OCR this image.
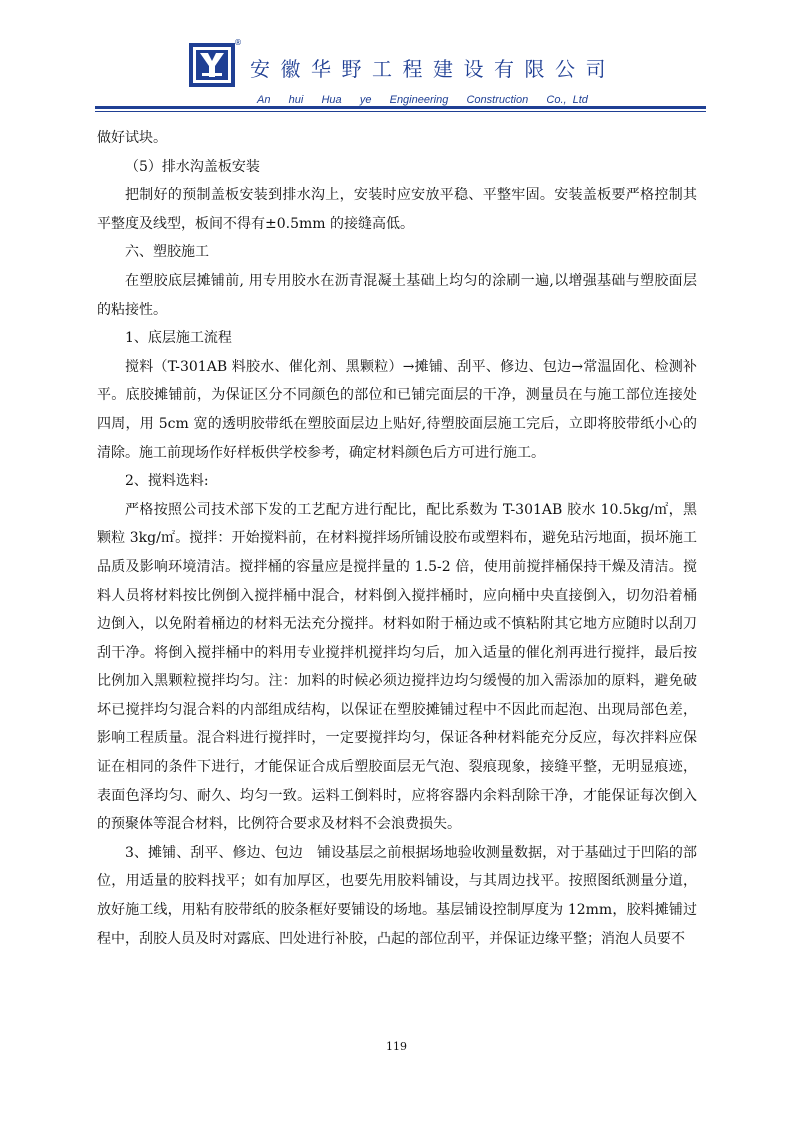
®
安徽华野工程建设有限公司
An   hui   Hua   ye   Engineering   Construction   Co., Ltd

做好试块。

（5）排水沟盖板安装

把制好的预制盖板安装到排水沟上，安装时应安放平稳、平整牢固。安装盖板要严格控制其平整度及线型，板间不得有±0.5mm 的接缝高低。

六、塑胶施工

在塑胶底层摊铺前, 用专用胶水在沥青混凝土基础上均匀的涂刷一遍,以增强基础与塑胶面层的粘接性。

1、底层施工流程

搅料（T-301AB 料胶水、催化剂、黑颗粒）→摊铺、刮平、修边、包边→常温固化、检测补平。底胶摊铺前，为保证区分不同颜色的部位和已铺完面层的干净，测量员在与施工部位连接处四周，用 5cm 宽的透明胶带纸在塑胶面层边上贴好,待塑胶面层施工完后，立即将胶带纸小心的清除。施工前现场作好样板供学校参考，确定材料颜色后方可进行施工。

2、搅料选料:

严格按照公司技术部下发的工艺配方进行配比，配比系数为 T-301AB 胶水 10.5kg/㎡，黑颗粒 3kg/㎡。搅拌：开始搅料前，在材料搅拌场所铺设胶布或塑料布，避免玷污地面，损坏施工品质及影响环境清洁。搅拌桶的容量应是搅拌量的 1.5-2 倍，使用前搅拌桶保持干燥及清洁。搅料人员将材料按比例倒入搅拌桶中混合，材料倒入搅拌桶时，应向桶中央直接倒入，切勿沿着桶边倒入，以免附着桶边的材料无法充分搅拌。材料如附于桶边或不慎粘附其它地方应随时以刮刀刮干净。将倒入搅拌桶中的料用专业搅拌机搅拌均匀后，加入适量的催化剂再进行搅拌，最后按比例加入黑颗粒搅拌均匀。注：加料的时候必须边搅拌边均匀缓慢的加入需添加的原料，避免破坏已搅拌均匀混合料的内部组成结构，以保证在塑胶摊铺过程中不因此而起泡、出现局部色差，影响工程质量。混合料进行搅拌时，一定要搅拌均匀，保证各种材料能充分反应，每次拌料应保证在相同的条件下进行，才能保证合成后塑胶面层无气泡、裂痕现象，接缝平整，无明显痕迹，表面色泽均匀、耐久、均匀一致。运料工倒料时，应将容器内余料刮除干净，才能保证每次倒入的预聚体等混合材料，比例符合要求及材料不会浪费损失。

3、摊铺、刮平、修边、包边　铺设基层之前根据场地验收测量数据，对于基础过于凹陷的部位，用适量的胶料找平；如有加厚区，也要先用胶料铺设，与其周边找平。按照图纸测量分道，放好施工线，用粘有胶带纸的胶条框好要铺设的场地。基层铺设控制厚度为 12mm，胶料摊铺过程中，刮胶人员及时对露底、凹处进行补胶，凸起的部位刮平，并保证边缘平整；消泡人员要不

119
